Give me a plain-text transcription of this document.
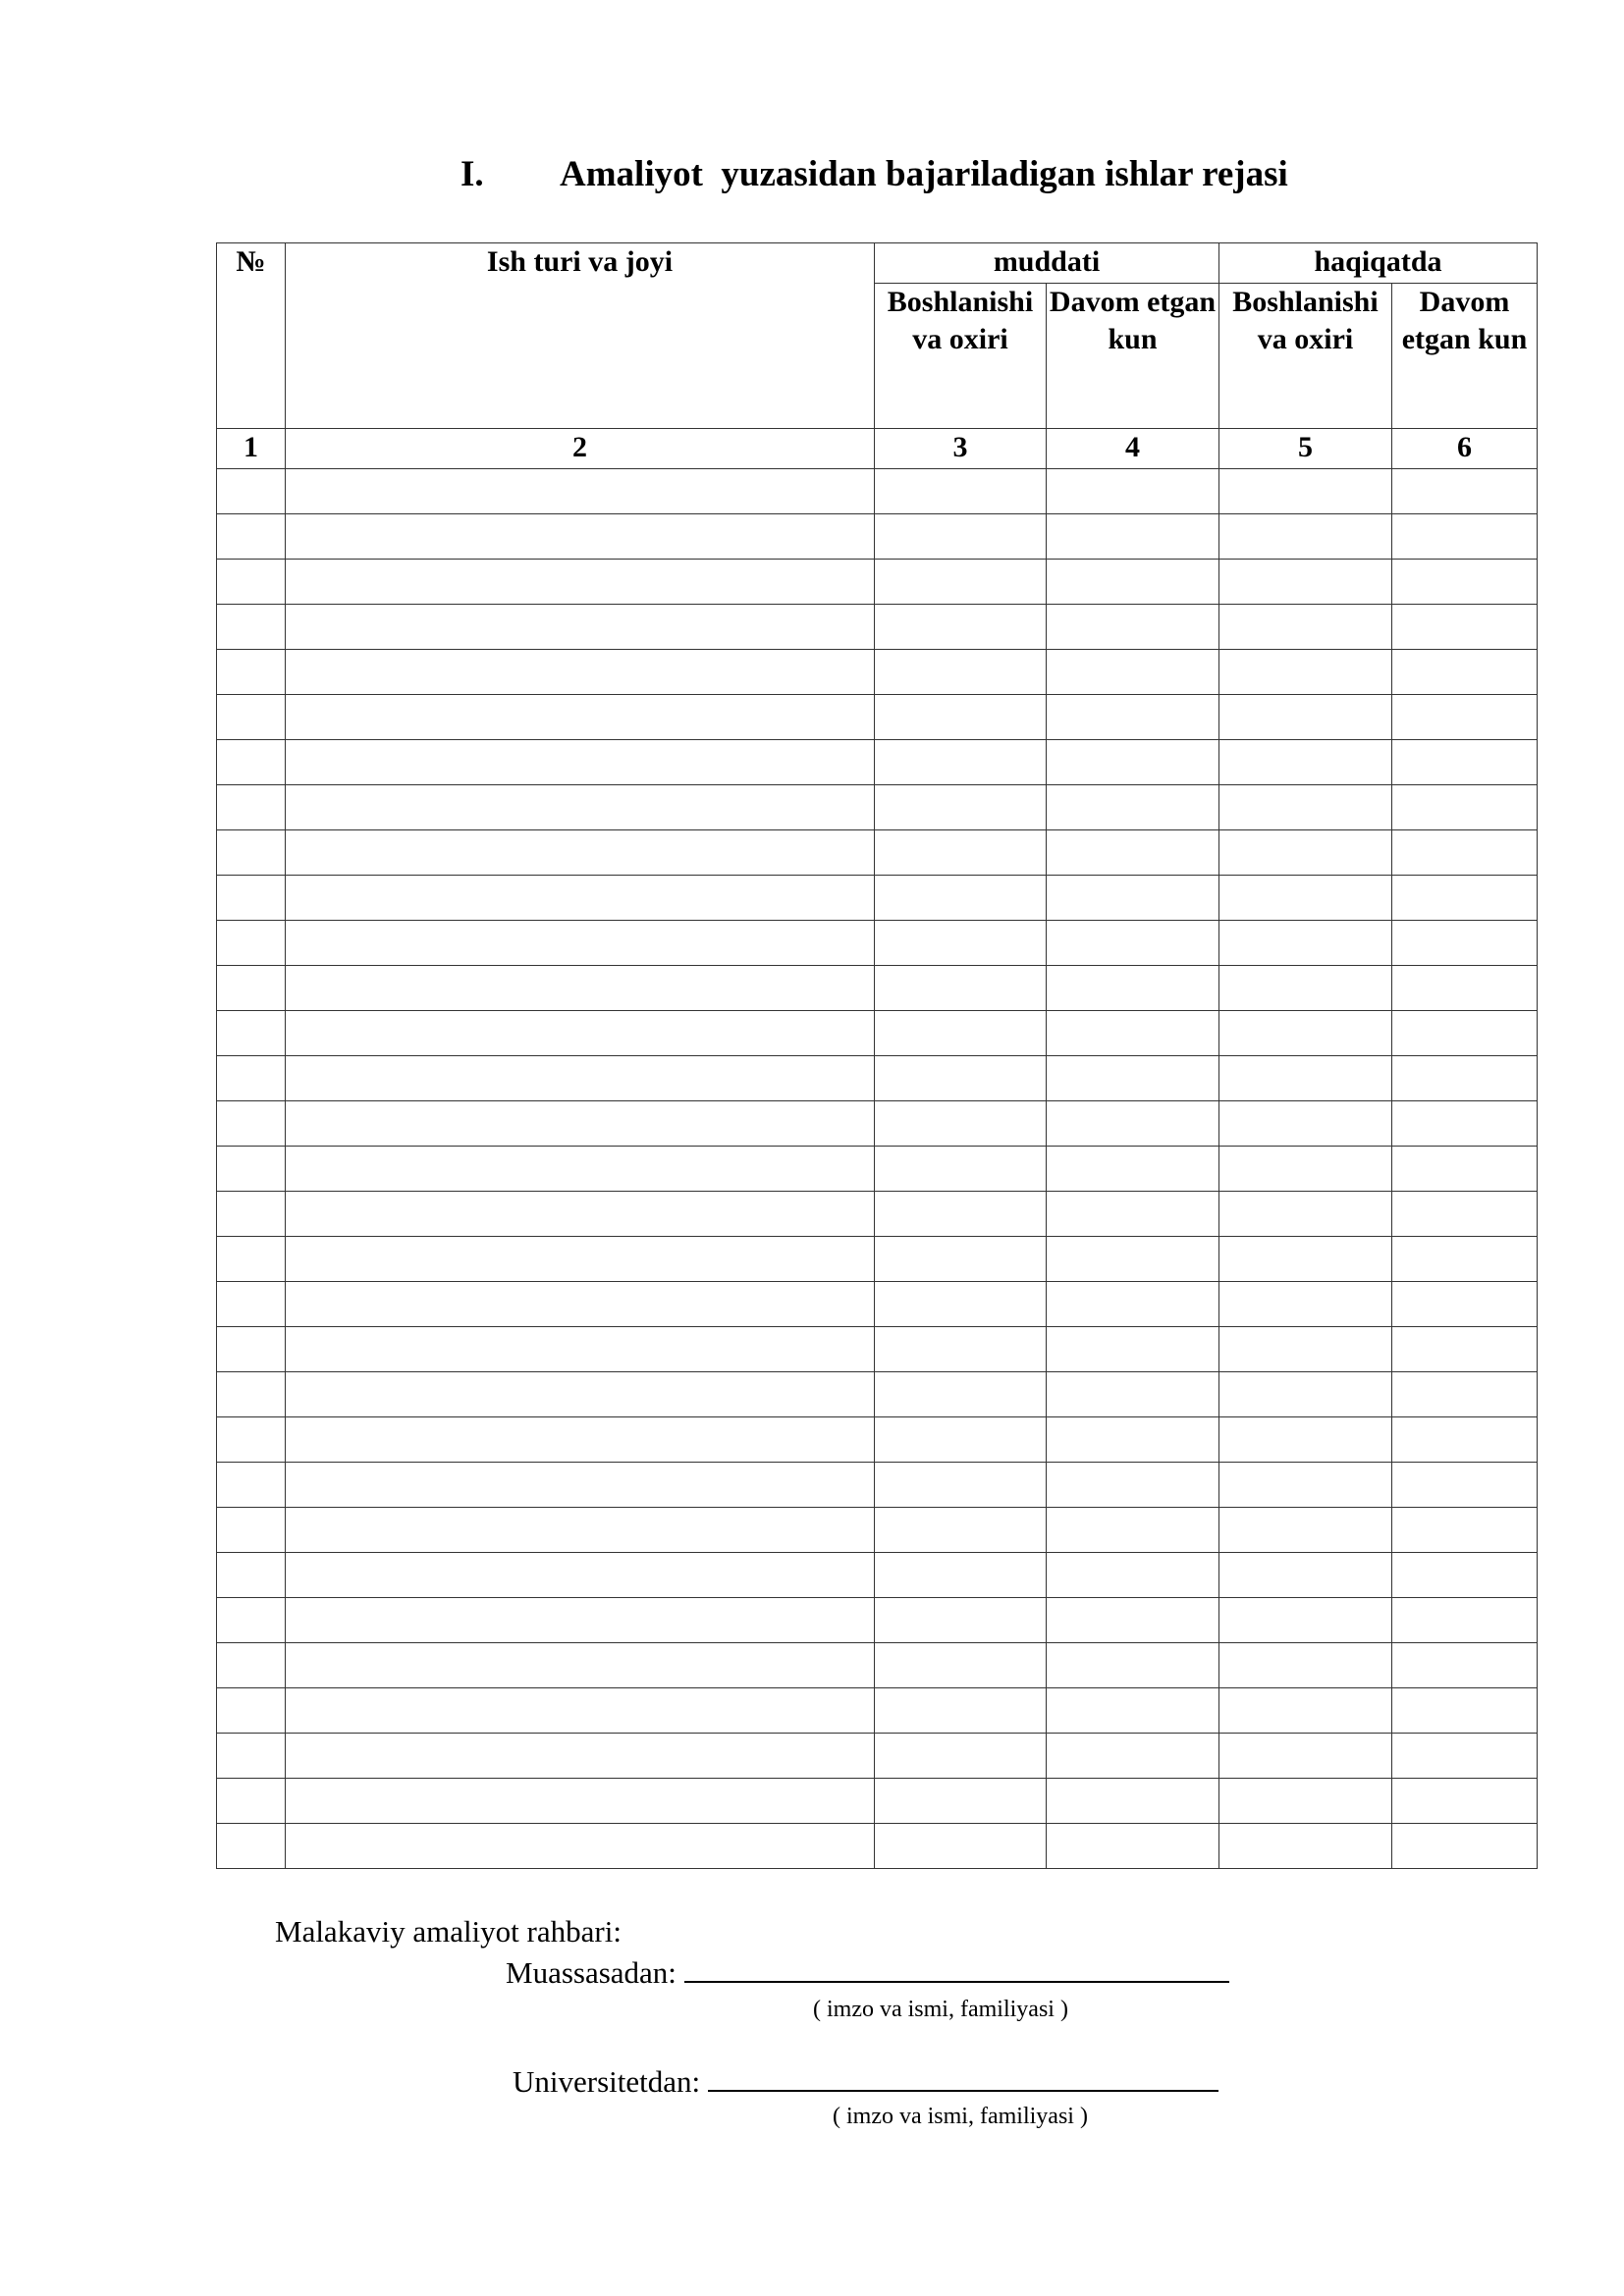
I. Amaliyot  yuzasidan bajariladigan ishlar rejasi
№	Ish turi va joyi	muddati		haqiqatda	
		Boshlanishi va oxiri	Davom etgan kun	Boshlanishi va oxiri	Davom etgan kun
1	2	3	4	5	6

Malakaviy amaliyot rahbari:
Muassasadan:
( imzo va ismi, familiyasi )
Universitetdan:
( imzo va ismi, familiyasi )
